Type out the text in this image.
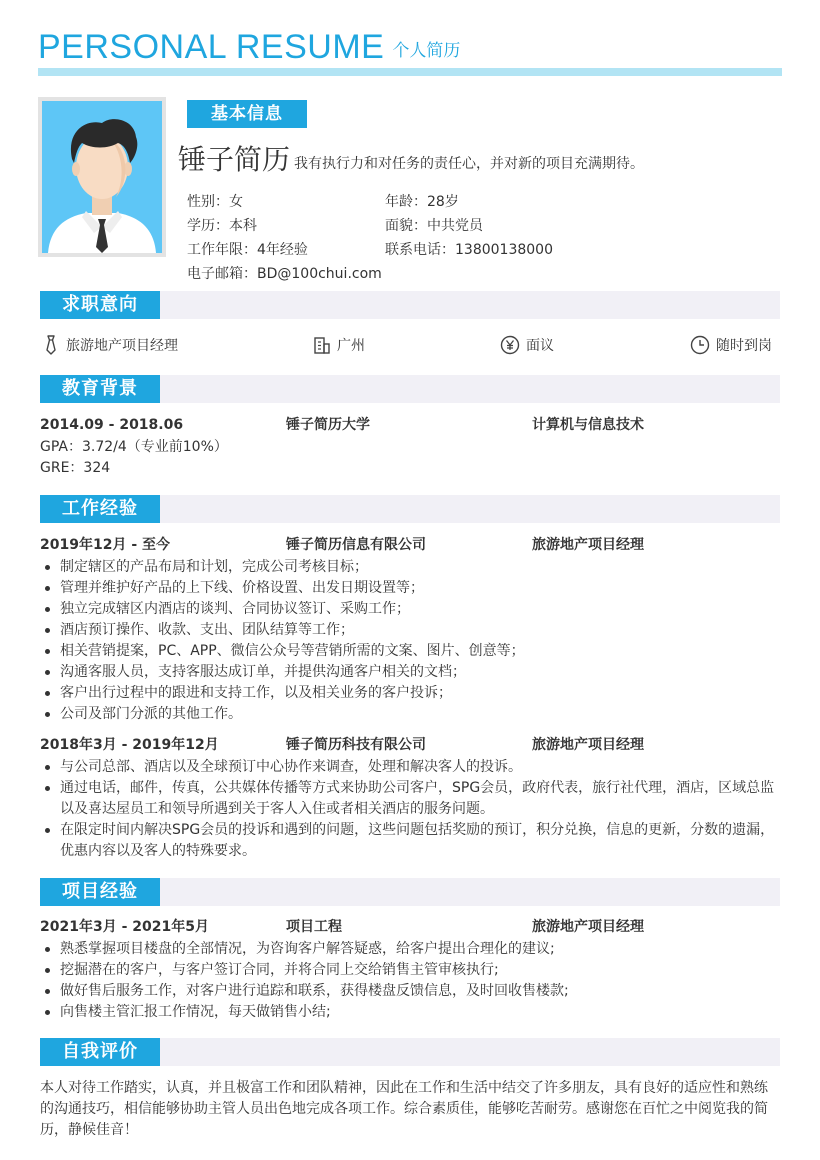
PERSONAL RESUME 个人简历
基本信息
锤子简历 我有执行力和对任务的责任心，并对新的项目充满期待。
性别：女	年龄：28岁
学历：本科	面貌：中共党员
工作年限：4年经验	联系电话：13800138000
电子邮箱：BD@100chui.com
求职意向
旅游地产项目经理	广州	面议	随时到岗
教育背景
2014.09 - 2018.06	锤子简历大学	计算机与信息技术
GPA：3.72/4（专业前10%）
GRE：324
工作经验
2019年12月 - 至今	锤子简历信息有限公司	旅游地产项目经理
制定辖区的产品布局和计划，完成公司考核目标；
管理并维护好产品的上下线、价格设置、出发日期设置等；
独立完成辖区内酒店的谈判、合同协议签订、采购工作；
酒店预订操作、收款、支出、团队结算等工作；
相关营销提案，PC、APP、微信公众号等营销所需的文案、图片、创意等；
沟通客服人员，支持客服达成订单，并提供沟通客户相关的文档；
客户出行过程中的跟进和支持工作，以及相关业务的客户投诉；
公司及部门分派的其他工作。
2018年3月 - 2019年12月	锤子简历科技有限公司	旅游地产项目经理
与公司总部、酒店以及全球预订中心协作来调查，处理和解决客人的投诉。
通过电话，邮件，传真，公共媒体传播等方式来协助公司客户，SPG会员，政府代表，旅行社代理，酒店，区域总监以及喜达屋员工和领导所遇到关于客人入住或者相关酒店的服务问题。
在限定时间内解决SPG会员的投诉和遇到的问题，这些问题包括奖励的预订，积分兑换，信息的更新，分数的遗漏，优惠内容以及客人的特殊要求。
项目经验
2021年3月 - 2021年5月	项目工程	旅游地产项目经理
熟悉掌握项目楼盘的全部情况，为咨询客户解答疑惑，给客户提出合理化的建议;
挖掘潜在的客户，与客户签订合同，并将合同上交给销售主管审核执行;
做好售后服务工作，对客户进行追踪和联系，获得楼盘反馈信息，及时回收售楼款;
向售楼主管汇报工作情况，每天做销售小结;
自我评价
本人对待工作踏实，认真，并且极富工作和团队精神，因此在工作和生活中结交了许多朋友，具有良好的适应性和熟练的沟通技巧，相信能够协助主管人员出色地完成各项工作。综合素质佳，能够吃苦耐劳。感谢您在百忙之中阅览我的简历，静候佳音！
